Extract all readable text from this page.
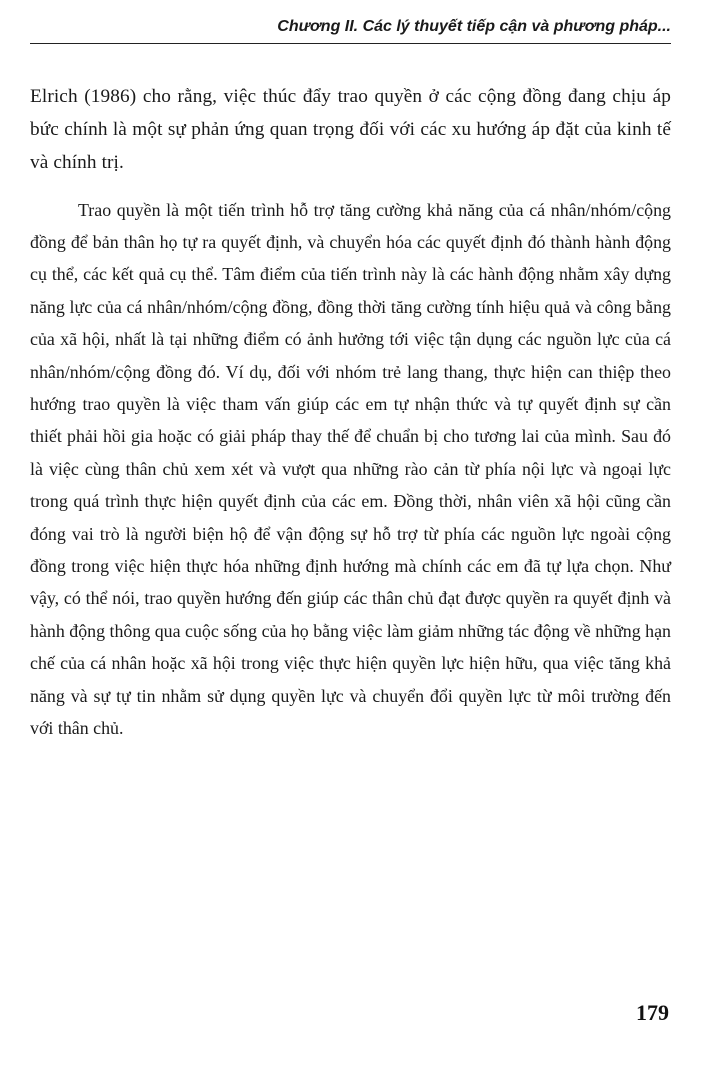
Chương II. Các lý thuyết tiếp cận và phương pháp...

Elrich (1986) cho rằng, việc thúc đẩy trao quyền ở các cộng đồng đang chịu áp bức chính là một sự phản ứng quan trọng đối với các xu hướng áp đặt của kinh tế và chính trị.

Trao quyền là một tiến trình hỗ trợ tăng cường khả năng của cá nhân/nhóm/cộng đồng để bản thân họ tự ra quyết định, và chuyển hóa các quyết định đó thành hành động cụ thể, các kết quả cụ thể. Tâm điểm của tiến trình này là các hành động nhằm xây dựng năng lực của cá nhân/nhóm/cộng đồng, đồng thời tăng cường tính hiệu quả và công bằng của xã hội, nhất là tại những điểm có ảnh hưởng tới việc tận dụng các nguồn lực của cá nhân/nhóm/cộng đồng đó. Ví dụ, đối với nhóm trẻ lang thang, thực hiện can thiệp theo hướng trao quyền là việc tham vấn giúp các em tự nhận thức và tự quyết định sự cần thiết phải hồi gia hoặc có giải pháp thay thế để chuẩn bị cho tương lai của mình. Sau đó là việc cùng thân chủ xem xét và vượt qua những rào cản từ phía nội lực và ngoại lực trong quá trình thực hiện quyết định của các em. Đồng thời, nhân viên xã hội cũng cần đóng vai trò là người biện hộ để vận động sự hỗ trợ từ phía các nguồn lực ngoài cộng đồng trong việc hiện thực hóa những định hướng mà chính các em đã tự lựa chọn. Như vậy, có thể nói, trao quyền hướng đến giúp các thân chủ đạt được quyền ra quyết định và hành động thông qua cuộc sống của họ bằng việc làm giảm những tác động về những hạn chế của cá nhân hoặc xã hội trong việc thực hiện quyền lực hiện hữu, qua việc tăng khả năng và sự tự tin nhằm sử dụng quyền lực và chuyển đổi quyền lực từ môi trường đến với thân chủ.

179
